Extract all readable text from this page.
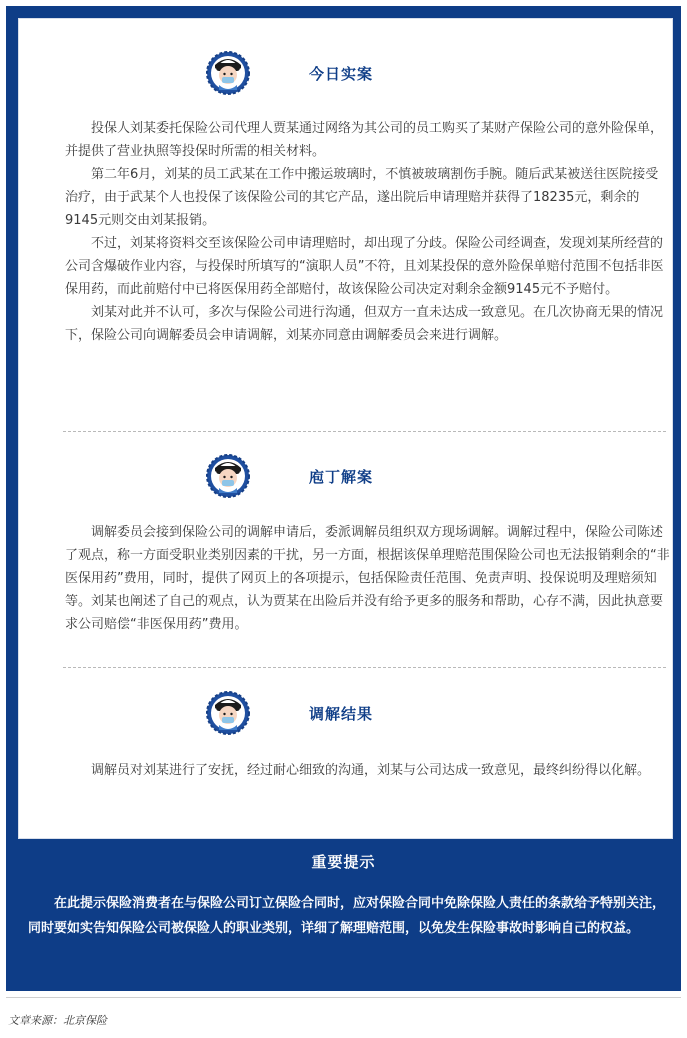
今日实案

投保人刘某委托保险公司代理人贾某通过网络为其公司的员工购买了某财产保险公司的意外险保单，并提供了营业执照等投保时所需的相关材料。

第二年6月，刘某的员工武某在工作中搬运玻璃时，不慎被玻璃割伤手腕。随后武某被送往医院接受治疗，由于武某个人也投保了该保险公司的其它产品，遂出院后申请理赔并获得了18235元，剩余的9145元则交由刘某报销。

不过，刘某将资料交至该保险公司申请理赔时，却出现了分歧。保险公司经调查，发现刘某所经营的公司含爆破作业内容，与投保时所填写的“演职人员”不符，且刘某投保的意外险保单赔付范围不包括非医保用药，而此前赔付中已将医保用药全部赔付，故该保险公司决定对剩余金额9145元不予赔付。

刘某对此并不认可，多次与保险公司进行沟通，但双方一直未达成一致意见。在几次协商无果的情况下，保险公司向调解委员会申请调解，刘某亦同意由调解委员会来进行调解。

庖丁解案

调解委员会接到保险公司的调解申请后，委派调解员组织双方现场调解。调解过程中，保险公司陈述了观点，称一方面受职业类别因素的干扰，另一方面，根据该保单理赔范围保险公司也无法报销剩余的“非医保用药”费用，同时，提供了网页上的各项提示，包括保险责任范围、免责声明、投保说明及理赔须知等。刘某也阐述了自己的观点，认为贾某在出险后并没有给予更多的服务和帮助，心存不满，因此执意要求公司赔偿“非医保用药”费用。

调解结果

调解员对刘某进行了安抚，经过耐心细致的沟通，刘某与公司达成一致意见，最终纠纷得以化解。

重要提示

在此提示保险消费者在与保险公司订立保险合同时，应对保险合同中免除保险人责任的条款给予特别关注，同时要如实告知保险公司被保险人的职业类别，详细了解理赔范围，以免发生保险事故时影响自己的权益。

文章来源：北京保险
